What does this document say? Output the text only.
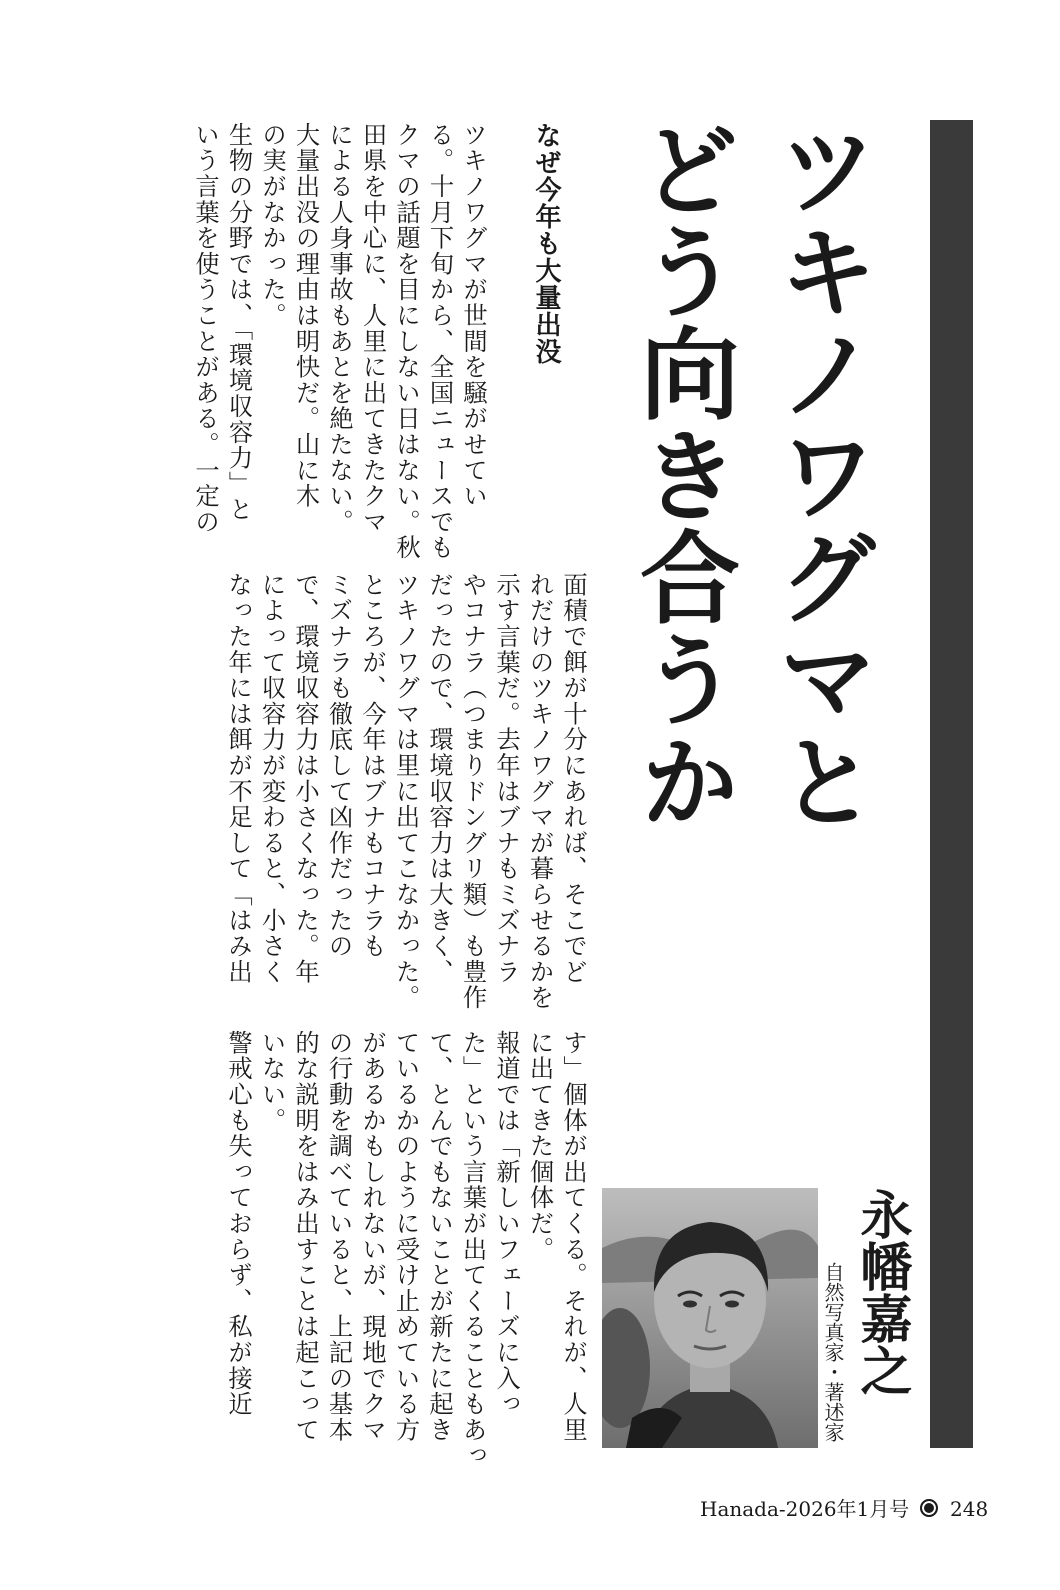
ツキノワグマと
どう向き合うか
なぜ今年も大量出没
ツキノワグマが世間を騒がせてい
る。十月下旬から、全国ニュースでも
クマの話題を目にしない日はない。秋
田県を中心に、人里に出てきたクマ
による人身事故もあとを絶たない。
大量出没の理由は明快だ。山に木
の実がなかった。
生物の分野では、「環境収容力」と
いう言葉を使うことがある。一定の
面積で餌が十分にあれば、そこでど
れだけのツキノワグマが暮らせるかを
示す言葉だ。去年はブナもミズナラ
やコナラ（つまりドングリ類）も豊作
だったので、環境収容力は大きく、
ツキノワグマは里に出てこなかった。
ところが、今年はブナもコナラも
ミズナラも徹底して凶作だったの
で、環境収容力は小さくなった。年
によって収容力が変わると、小さく
なった年には餌が不足して「はみ出
す」個体が出てくる。それが、人里
に出てきた個体だ。
報道では「新しいフェーズに入っ
た」という言葉が出てくることもあっ
て、とんでもないことが新たに起き
ているかのように受け止めている方
があるかもしれないが、現地でクマ
の行動を調べていると、上記の基本
的な説明をはみ出すことは起こって
いない。
警戒心も失っておらず、私が接近	永幡嘉之
自然写真家・著述家
Hanada-2026年1月号 248
